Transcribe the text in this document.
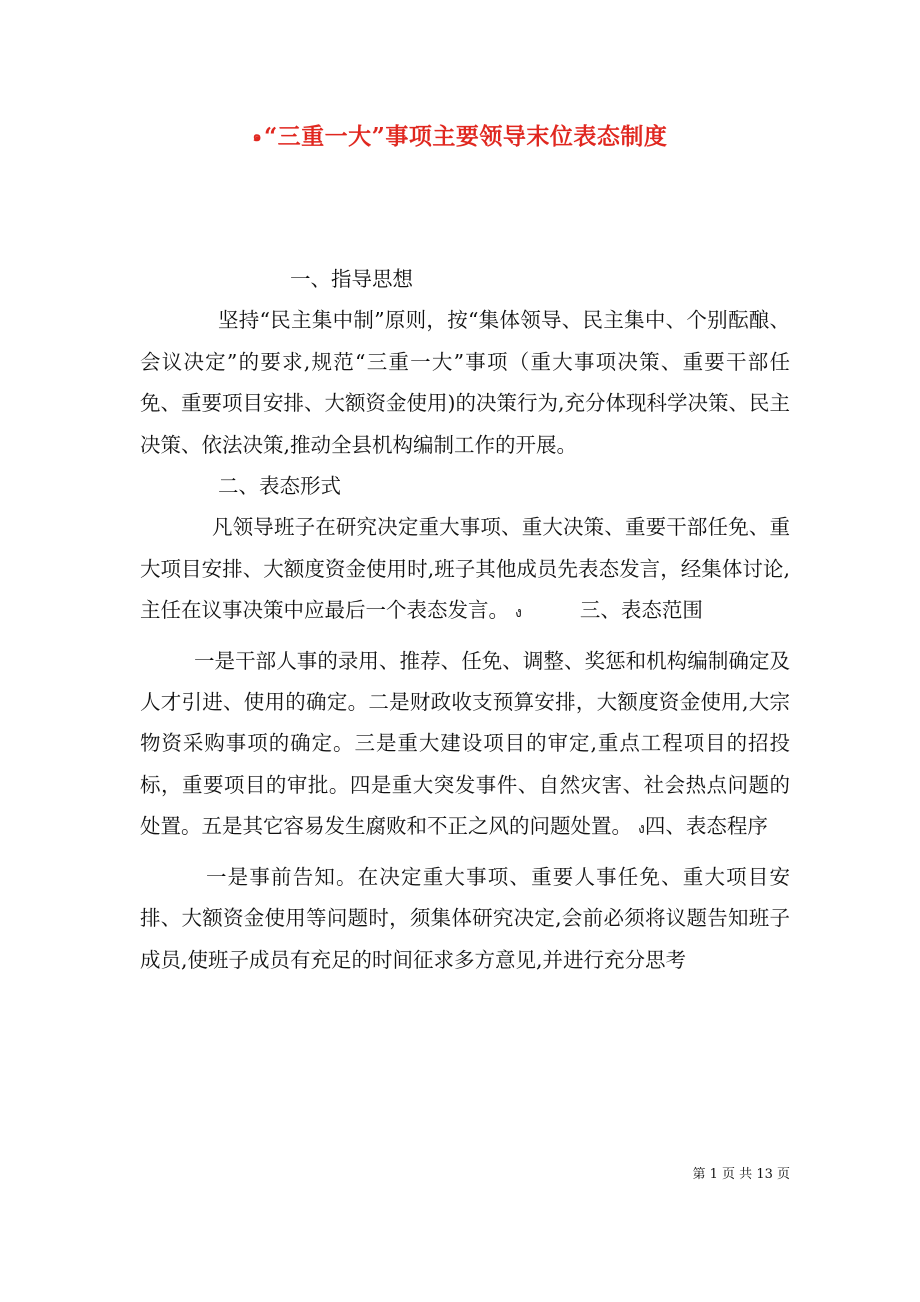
๑“三重一大”事项主要领导末位表态制度

一、指导思想

坚持“民主集中制”原则，按“集体领导、民主集中、个别酝酿、会议决定”的要求,规范“三重一大”事项（重大事项决策、重要干部任免、重要项目安排、大额资金使用)的决策行为,充分体现科学决策、民主决策、依法决策,推动全县机构编制工作的开展。

二、表态形式

凡领导班子在研究决定重大事项、重大决策、重要干部任免、重大项目安排、大额度资金使用时,班子其他成员先表态发言，经集体讨论,主任在议事决策中应最后一个表态发言。 ง	三、表态范围

一是干部人事的录用、推荐、任免、调整、奖惩和机构编制确定及人才引进、使用的确定。二是财政收支预算安排，大额度资金使用,大宗物资采购事项的确定。三是重大建设项目的审定,重点工程项目的招投标，重要项目的审批。四是重大突发事件、自然灾害、社会热点问题的处置。五是其它容易发生腐败和不正之风的问题处置。 ง四、表态程序

一是事前告知。在决定重大事项、重要人事任免、重大项目安排、大额资金使用等问题时，须集体研究决定,会前必须将议题告知班子成员,使班子成员有充足的时间征求多方意见,并进行充分思考

第 1 页 共 13 页
